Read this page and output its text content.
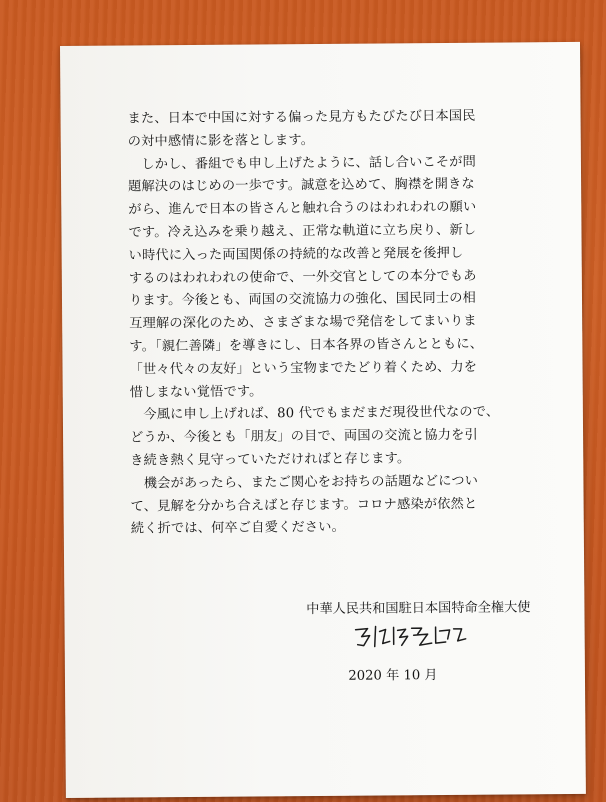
また、日本で中国に対する偏った見方もたびたび日本国民
の対中感情に影を落とします。
　しかし、番組でも申し上げたように、話し合いこそが問
題解決のはじめの一歩です。誠意を込めて、胸襟を開きな
がら、進んで日本の皆さんと触れ合うのはわれわれの願い
です。冷え込みを乗り越え、正常な軌道に立ち戻り、新し
い時代に入った両国関係の持続的な改善と発展を後押し
するのはわれわれの使命で、一外交官としての本分でもあ
ります。今後とも、両国の交流協力の強化、国民同士の相
互理解の深化のため、さまざまな場で発信をしてまいりま
す。「親仁善隣」を導きにし、日本各界の皆さんとともに、
「世々代々の友好」という宝物までたどり着くため、力を
惜しまない覚悟です。
　今風に申し上げれば、80 代でもまだまだ現役世代なので、
どうか、今後とも「朋友」の目で、両国の交流と協力を引
き続き熱く見守っていただければと存じます。
　機会があったら、またご関心をお持ちの話題などについ
て、見解を分かち合えばと存じます。コロナ感染が依然と
続く折では、何卒ご自愛ください。
中華人民共和国駐日本国特命全権大使
2020 年 10 月
